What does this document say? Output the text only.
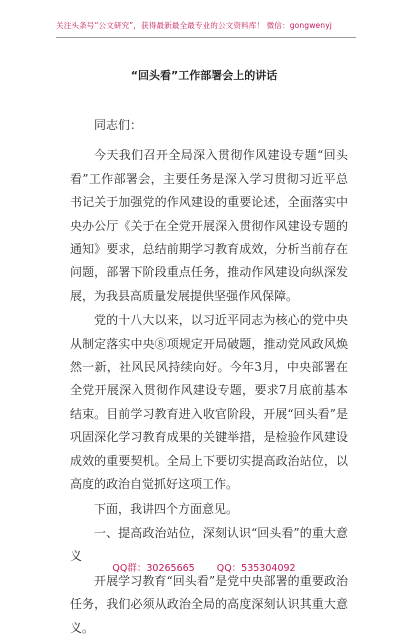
关注头条号“公文研究”，获得最新最全最专业的公文资料库！ 微信：gongwenyj
“回头看”工作部署会上的讲话

同志们：

今天我们召开全局深入贯彻作风建设专题“回头看”工作部署会，主要任务是深入学习贯彻习近平总书记关于加强党的作风建设的重要论述，全面落实中央办公厅《关于在全党开展深入贯彻作风建设专题的通知》要求，总结前期学习教育成效，分析当前存在问题，部署下阶段重点任务，推动作风建设向纵深发展，为我县高质量发展提供坚强作风保障。

党的十八大以来，以习近平同志为核心的党中央从制定落实中央⑧项规定开局破题，推动党风政风焕然一新，社风民风持续向好。今年3月，中央部署在全党开展深入贯彻作风建设专题，要求7月底前基本结束。目前学习教育进入收官阶段，开展“回头看”是巩固深化学习教育成果的关键举措，是检验作风建设成效的重要契机。全局上下要切实提高政治站位，以高度的政治自觉抓好这项工作。

下面，我讲四个方面意见。

一、提高政治站位，深刻认识“回头看”的重大意义

开展学习教育“回头看”是党中央部署的重要政治任务，我们必须从政治全局的高度深刻认识其重大意义。

QQ群：30265665 QQ：535304092
